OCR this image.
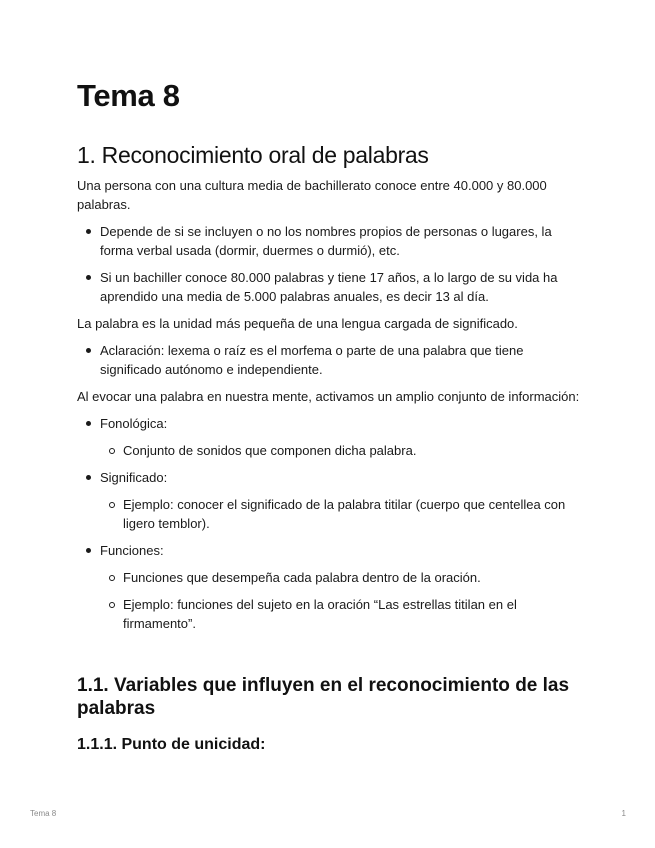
Tema 8
1. Reconocimiento oral de palabras

Una persona con una cultura media de bachillerato conoce entre 40.000 y 80.000 palabras.

Depende de si se incluyen o no los nombres propios de personas o lugares, la forma verbal usada (dormir, duermes o durmió), etc.
Si un bachiller conoce 80.000 palabras y tiene 17 años, a lo largo de su vida ha aprendido una media de 5.000 palabras anuales, es decir 13 al día.

La palabra es la unidad más pequeña de una lengua cargada de significado.

Aclaración: lexema o raíz es el morfema o parte de una palabra que tiene significado autónomo e independiente.

Al evocar una palabra en nuestra mente, activamos un amplio conjunto de información:

Fonológica:
Conjunto de sonidos que componen dicha palabra.
Significado:
Ejemplo: conocer el significado de la palabra titilar (cuerpo que centellea con ligero temblor).
Funciones:
Funciones que desempeña cada palabra dentro de la oración.
Ejemplo: funciones del sujeto en la oración “Las estrellas titilan en el firmamento”.
1.1. Variables que influyen en el reconocimiento de las palabras
1.1.1. Punto de unicidad:
Tema 8	1
